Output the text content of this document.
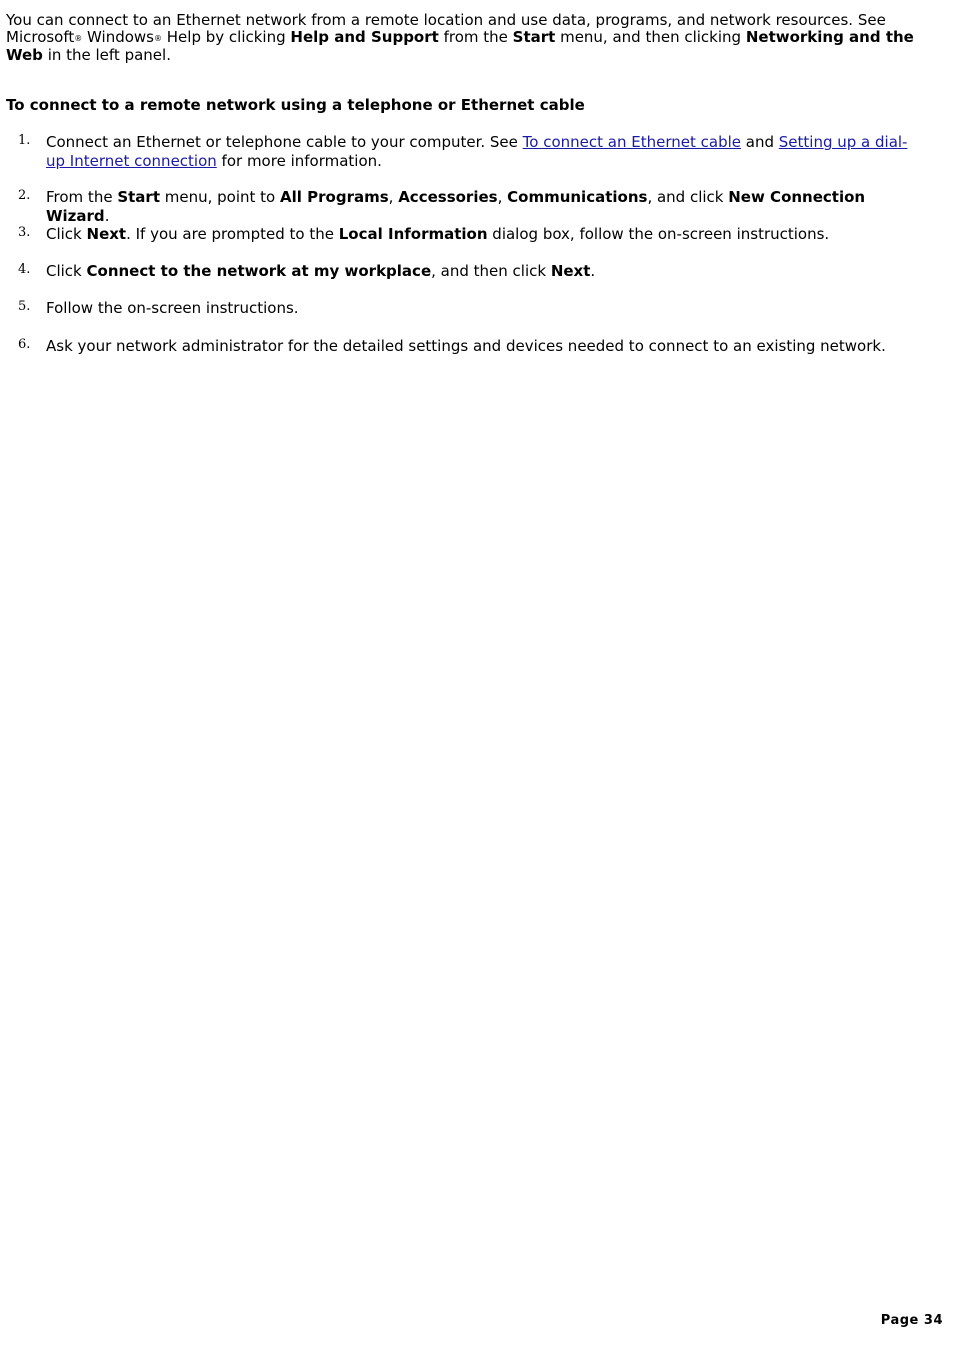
You can connect to an Ethernet network from a remote location and use data, programs, and network resources. See Microsoft® Windows® Help by clicking Help and Support from the Start menu, and then clicking Networking and the Web in the left panel.

To connect to a remote network using a telephone or Ethernet cable
1. Connect an Ethernet or telephone cable to your computer. See To connect an Ethernet cable and Setting up a dial-up Internet connection for more information.
2. From the Start menu, point to All Programs, Accessories, Communications, and click New Connection Wizard.
3. Click Next. If you are prompted to the Local Information dialog box, follow the on-screen instructions.
4. Click Connect to the network at my workplace, and then click Next.
5. Follow the on-screen instructions.
6. Ask your network administrator for the detailed settings and devices needed to connect to an existing network.
Page 34
